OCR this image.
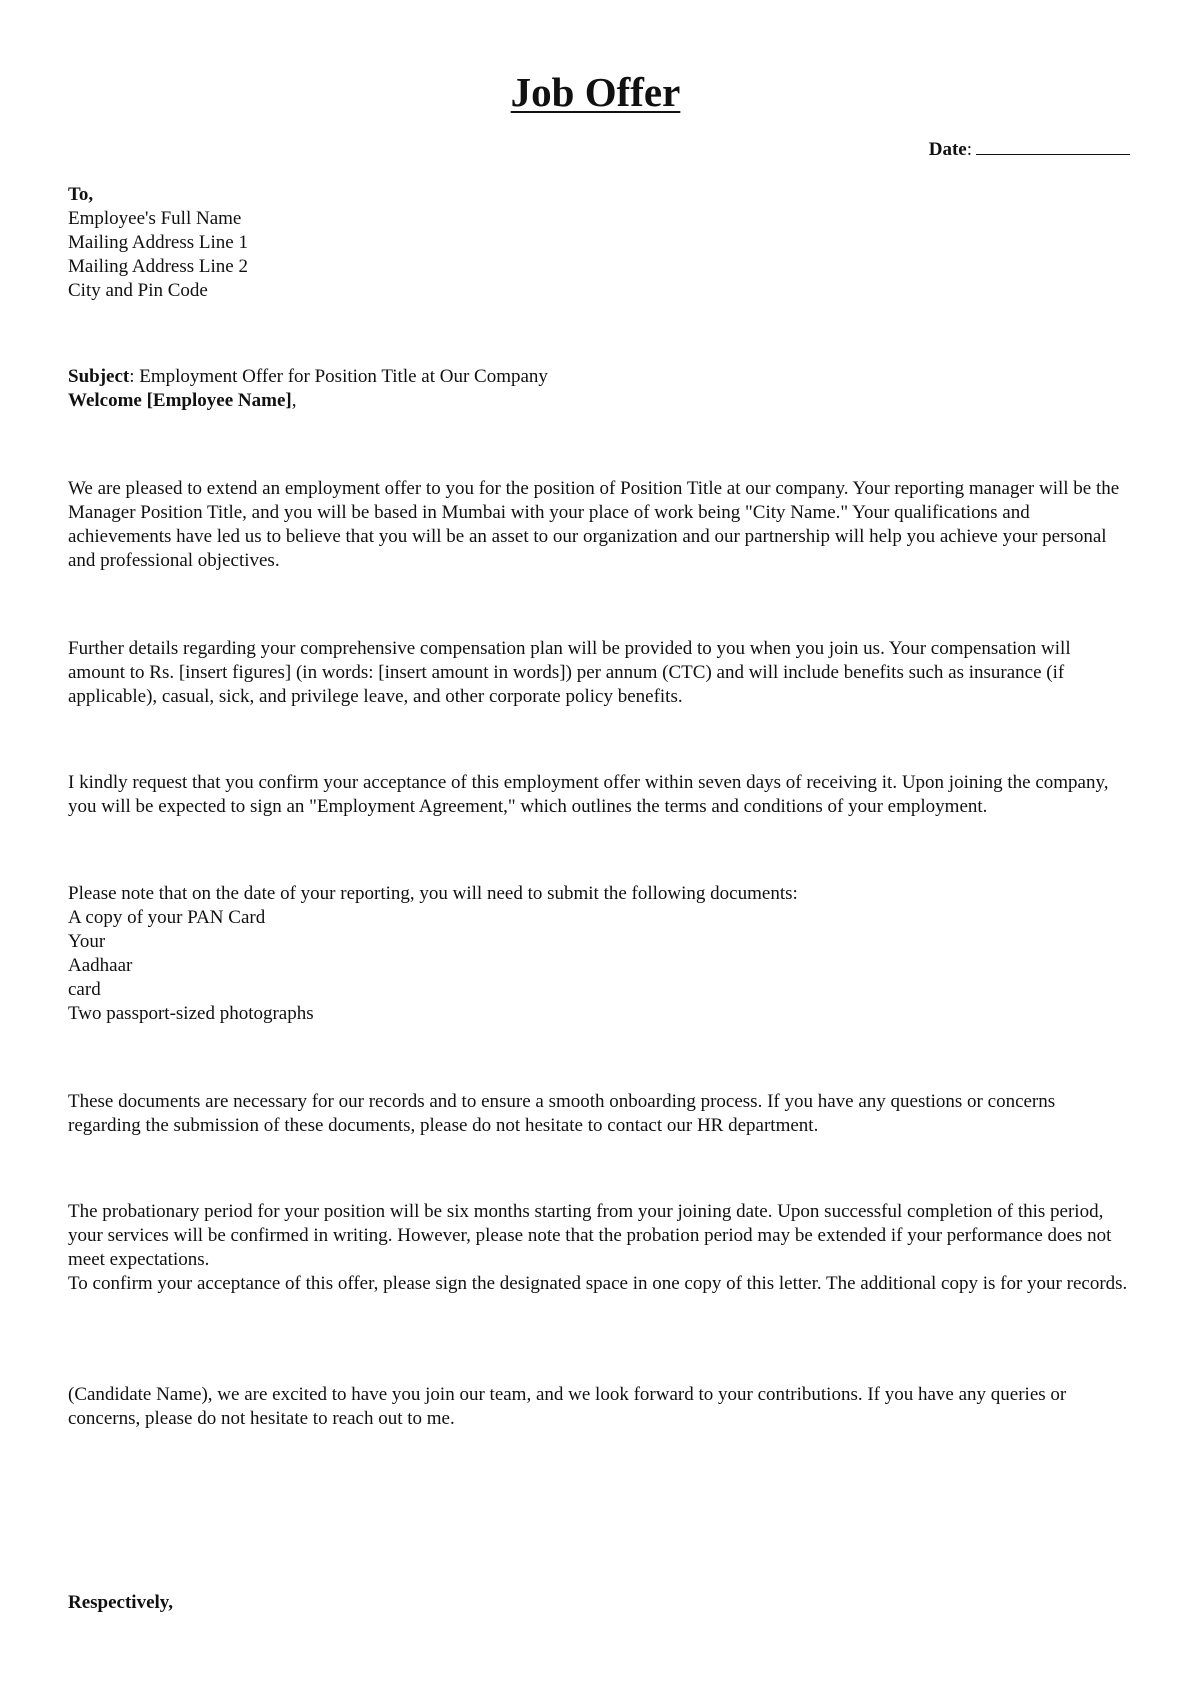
Job Offer
Date:

To,

Employee's Full Name

Mailing Address Line 1

Mailing Address Line 2

City and Pin Code

Subject: Employment Offer for Position Title at Our Company

Welcome [Employee Name],

We are pleased to extend an employment offer to you for the position of Position Title at our company. Your reporting manager will be the Manager Position Title, and you will be based in Mumbai with your place of work being "City Name." Your qualifications and achievements have led us to believe that you will be an asset to our organization and our partnership will help you achieve your personal and professional objectives.

Further details regarding your comprehensive compensation plan will be provided to you when you join us. Your compensation will amount to Rs. [insert figures] (in words: [insert amount in words]) per annum (CTC) and will include benefits such as insurance (if applicable), casual, sick, and privilege leave, and other corporate policy benefits.

I kindly request that you confirm your acceptance of this employment offer within seven days of receiving it. Upon joining the company, you will be expected to sign an "Employment Agreement," which outlines the terms and conditions of your employment.

Please note that on the date of your reporting, you will need to submit the following documents:

A copy of your PAN Card

Your

Aadhaar

card

Two passport-sized photographs

These documents are necessary for our records and to ensure a smooth onboarding process. If you have any questions or concerns regarding the submission of these documents, please do not hesitate to contact our HR department.

The probationary period for your position will be six months starting from your joining date. Upon successful completion of this period, your services will be confirmed in writing. However, please note that the probation period may be extended if your performance does not meet expectations.

To confirm your acceptance of this offer, please sign the designated space in one copy of this letter. The additional copy is for your records.

(Candidate Name), we are excited to have you join our team, and we look forward to your contributions. If you have any queries or concerns, please do not hesitate to reach out to me.

Respectively,
